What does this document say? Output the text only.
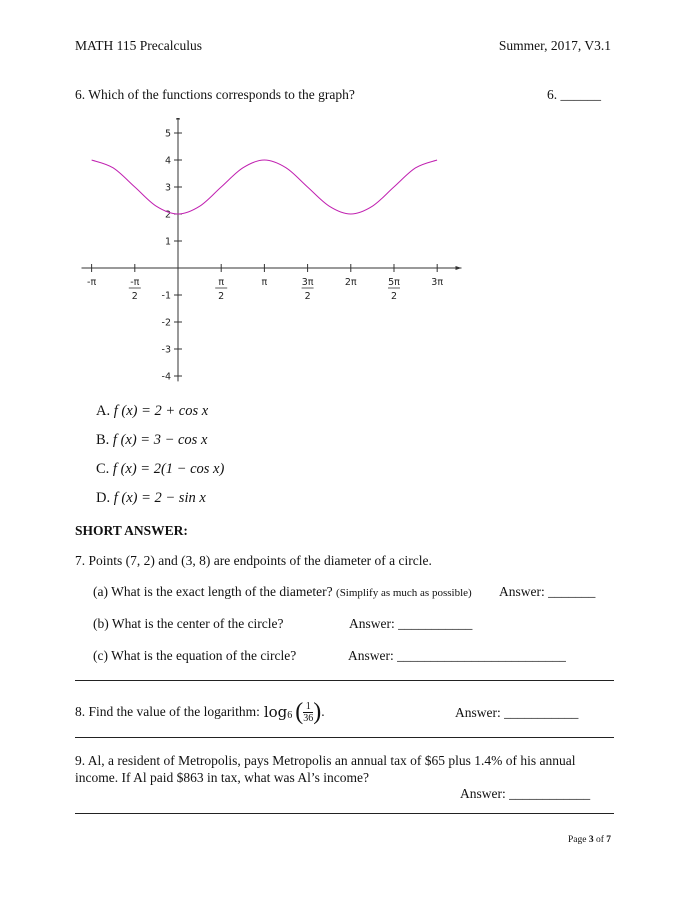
MATH 115 Precalculus	Summer, 2017, V3.1
6. Which of the functions corresponds to the graph?	6. ______
-π	-π
2
π
2
π	3π
2
2π	5π
2
3π
5
4
3
2
1
-1
-2
-3
-4
A. f (x) = 2 + cos x
B. f (x) = 3 − cos x
C. f (x) = 2(1 − cos x)
D. f (x) = 2 − sin x
SHORT ANSWER:
7. Points (7, 2) and (3, 8) are endpoints of the diameter of a circle.
(a) What is the exact length of the diameter? (Simplify as much as possible) Answer: _______
(b) What is the center of the circle?	Answer: ___________
(c) What is the equation of the circle?	Answer: _________________________
8. Find the value of the logarithm: $\log_6$ ( $\frac{1}{36}$ ) .	Answer: ___________
9. Al, a resident of Metropolis, pays Metropolis an annual tax of $65 plus 1.4% of his annual
income. If Al paid $863 in tax, what was Al’s income?
Answer: ____________
Page 3 of 7
